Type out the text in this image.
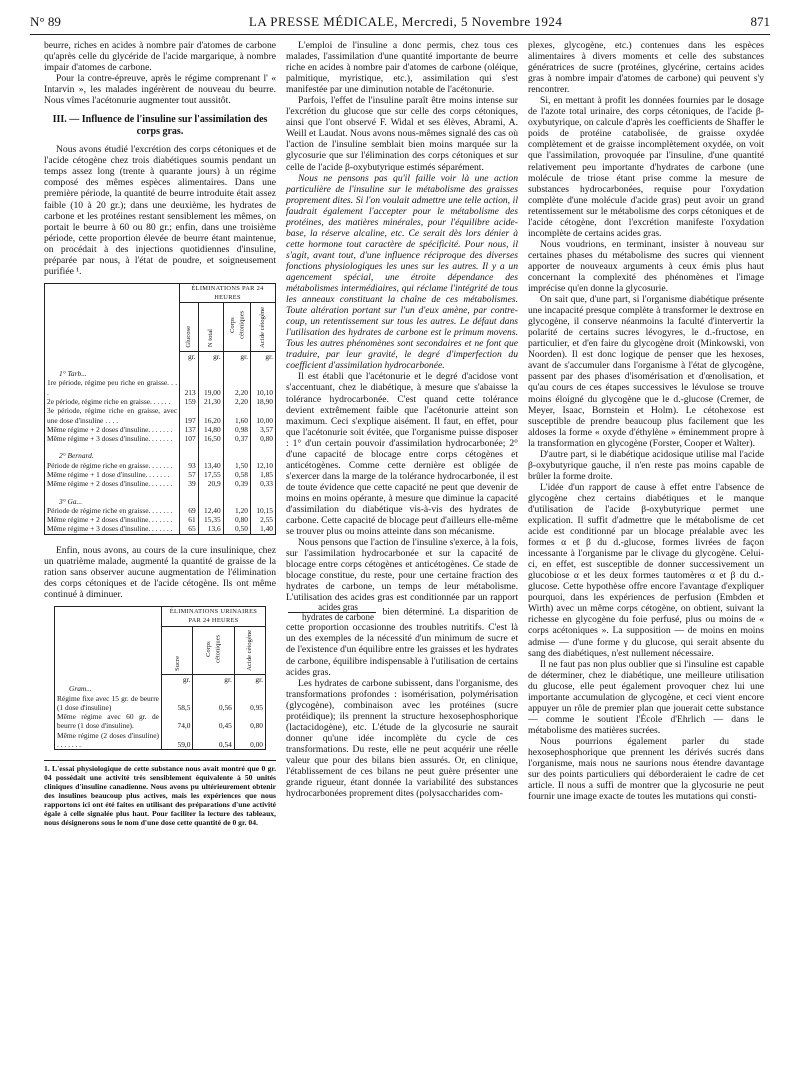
N° 89	LA PRESSE MÉDICALE, Mercredi, 5 Novembre 1924	871

beurre, riches en acides à nombre pair d'atomes de carbone qu'après celle du glycéride de l'acide margarique, à nombre impair d'atomes de carbone.

Pour la contre-épreuve, après le régime comprenant l' « Intarvin », les malades ingérèrent de nouveau du beurre. Nous vîmes l'acétonurie augmenter tout aussitôt.

III. — Influence de l'insuline sur l'assimilation des corps gras.

Nous avons étudié l'excrétion des corps cétoniques et de l'acide cétogène chez trois diabétiques soumis pendant un temps assez long (trente à quarante jours) à un régime composé des mêmes espèces alimentaires. Dans une première période, la quantité de beurre introduite était assez faible (10 à 20 gr.); dans une deuxième, les hydrates de carbone et les protéines restant sensiblement les mêmes, on portait le beurre à 60 ou 80 gr.; enfin, dans une troisième période, cette proportion élevée de beurre étant maintenue, on procédait à des injections quotidiennes d'insuline, préparée par nous, à l'état de poudre, et soigneusement purifiée ¹.

	ÉLIMINATIONS PAR 24 HEURES			
	Glucose	N total	Corps cétoniques	Acide cétogène
	gr.	gr.	gr.	gr.

1° Tarb...				
1re période, régime peu riche en graisse. . . .	213	19,00	2,20	10,10
2e période, régime riche en graisse. . . . . .	159	21,30	2,20	18,90
3e période, régime riche en graisse, avec une dose d'insuline . . . .	197	16,20	1,60	10,00
Même régime + 2 doses d'insuline. . . . . . .	137	14,80	0,98	3,57
Même régime + 3 doses d'insuline. . . . . . .	107	16,50	0,37	0,80

2° Bernard.				
Période de régime riche en graisse. . . . . . .	93	13,40	1,50	12,10
Même régime + 1 dose d'insuline. . . . . . .	57	17,55	0,58	1,85
Même régime + 2 doses d'insuline. . . . . . .	39	20,9	0,39	0,33

3° Ga...				
Période de régime riche en graisse. . . . . . .	69	12,40	1,20	10,15
Même régime + 2 doses d'insuline. . . . . . .	61	15,35	0,80	2,55
Même régime + 3 doses d'insuline. . . . . . .	65	13,6	0,50	1,40

Enfin, nous avons, au cours de la cure insulinique, chez un quatrième malade, augmenté la quantité de graisse de la ration sans observer aucune augmentation de l'élimination des corps cétoniques et de l'acide cétogène. Ils ont même continué à diminuer.

	ÉLIMINATIONS URINAIRES PAR 24 HEURES		
	Sucre	Corps cétoniques	Acide cétogène
	gr.	gr.	gr.
Gram...			
Régime fixe avec 15 gr. de beurre (1 dose d'insuline)	58,5	0,56	0,95
Même régime avec 60 gr. de beurre (1 dose d'insuline).	74,0	0,45	0,80
Même régime (2 doses d'insuline) . . . . . . .	59,0	0,54	0,00
1. L'essai physiologique de cette substance nous avait montré que 0 gr. 04 possédait une activité très sensiblement équivalente à 50 unités cliniques d'insuline canadienne. Nous avons pu ultérieurement obtenir des insulines beaucoup plus actives, mais les expériences que nous rapportons ici ont été faites en utilisant des préparations d'une activité égale à celle signalée plus haut. Pour faciliter la lecture des tableaux, nous désignerons sous le nom d'une dose cette quantité de 0 gr. 04.

L'emploi de l'insuline a donc permis, chez tous ces malades, l'assimilation d'une quantité importante de beurre riche en acides à nombre pair d'atomes de carbone (oléique, palmitique, myristique, etc.), assimilation qui s'est manifestée par une diminution notable de l'acétonurie.

Parfois, l'effet de l'insuline paraît être moins intense sur l'excrétion du glucose que sur celle des corps cétoniques, ainsi que l'ont observé F. Widal et ses élèves, Abrami, A. Weill et Laudat. Nous avons nous-mêmes signalé des cas où l'action de l'insuline semblait bien moins marquée sur la glycosurie que sur l'élimination des corps cétoniques et sur celle de l'acide β-oxybutyrique estimés séparément.

Nous ne pensons pas qu'il faille voir là une action particulière de l'insuline sur le métabolisme des graisses proprement dites. Si l'on voulait admettre une telle action, il faudrait également l'accepter pour le métabolisme des protéines, des matières minérales, pour l'équilibre acide-base, la réserve alcaline, etc. Ce serait dès lors dénier à cette hormone tout caractère de spécificité. Pour nous, il s'agit, avant tout, d'une influence réciproque des diverses fonctions physiologiques les unes sur les autres. Il y a un agencement spécial, une étroite dépendance des métabolismes intermédiaires, qui réclame l'intégrité de tous les anneaux constituant la chaîne de ces métabolismes. Toute altération portant sur l'un d'eux amène, par contre-coup, un retentissement sur tous les autres. Le défaut dans l'utilisation des hydrates de carbone est le primum movens. Tous les autres phénomènes sont secondaires et ne font que traduire, par leur gravité, le degré d'imperfection du coefficient d'assimilation hydrocarbonée.

Il est établi que l'acétonurie et le degré d'acidose vont s'accentuant, chez le diabétique, à mesure que s'abaisse la tolérance hydrocarbonée. C'est quand cette tolérance devient extrêmement faible que l'acétonurie atteint son maximum. Ceci s'explique aisément. Il faut, en effet, pour que l'acétonurie soit évitée, que l'organisme puisse disposer : 1° d'un certain pouvoir d'assimilation hydrocarbonée; 2° d'une capacité de blocage entre corps cétogènes et anticétogènes. Comme cette dernière est obligée de s'exercer dans la marge de la tolérance hydrocarbonée, il est de toute évidence que cette capacité ne peut que devenir de moins en moins opérante, à mesure que diminue la capacité d'assimilation du diabétique vis-à-vis des hydrates de carbone. Cette capacité de blocage peut d'ailleurs elle-même se trouver plus ou moins atteinte dans son mécanisme.

Nous pensons que l'action de l'insuline s'exerce, à la fois, sur l'assimilation hydrocarbonée et sur la capacité de blocage entre corps cétogènes et anticétogènes. Ce stade de blocage constitue, du reste, pour une certaine fraction des hydrates de carbone, un temps de leur métabolisme. L'utilisation des acides gras est conditionnée par un rapport
$\frac{\text{acides gras}}{\text{hydrates de carbone}}$ bien déterminé. La disparition de cette proportion occasionne des troubles nutritifs. C'est là un des exemples de la nécessité d'un minimum de sucre et de l'existence d'un équilibre entre les graisses et les hydrates de carbone, équilibre indispensable à l'utilisation de certains acides gras.

Les hydrates de carbone subissent, dans l'organisme, des transformations profondes : isomérisation, polymérisation (glycogène), combinaison avec les protéines (sucre protéidique); ils prennent la structure hexosephosphorique (lactacidogène), etc. L'étude de la glycosurie ne saurait donner qu'une idée incomplète du cycle de ces transformations. Du reste, elle ne peut acquérir une réelle valeur que pour des bilans bien assurés. Or, en clinique, l'établissement de ces bilans ne peut guère présenter une grande rigueur, étant donnée la variabilité des substances hydrocarbonées proprement dites (polysaccharides com-

plexes, glycogène, etc.) contenues dans les espèces alimentaires à divers moments et celle des substances génératrices de sucre (protéines, glycérine, certains acides gras à nombre impair d'atomes de carbone) qui peuvent s'y rencontrer.

Si, en mettant à profit les données fournies par le dosage de l'azote total urinaire, des corps cétoniques, de l'acide β-oxybutyrique, on calcule d'après les coefficients de Shaffer le poids de protéine catabolisée, de graisse oxydée complètement et de graisse incomplètement oxydée, on voit que l'assimilation, provoquée par l'insuline, d'une quantité relativement peu importante d'hydrates de carbone (une molécule de triose étant prise comme la mesure de substances hydrocarbonées, requise pour l'oxydation complète d'une molécule d'acide gras) peut avoir un grand retentissement sur le métabolisme des corps cétoniques et de l'acide cétogène, dont l'excrétion manifeste l'oxydation incomplète de certains acides gras.

Nous voudrions, en terminant, insister à nouveau sur certaines phases du métabolisme des sucres qui viennent apporter de nouveaux arguments à ceux émis plus haut concernant la complexité des phénomènes et l'image imprécise qu'en donne la glycosurie.

On sait que, d'une part, si l'organisme diabétique présente une incapacité presque complète à transformer le dextrose en glycogène, il conserve néanmoins la faculté d'intervertir la polarité de certains sucres lévogyres, le d.-fructose, en particulier, et d'en faire du glycogène droit (Minkowski, von Noorden). Il est donc logique de penser que les hexoses, avant de s'accumuler dans l'organisme à l'état de glycogène, passent par des phases d'isomérisation et d'œnolisation, et qu'au cours de ces étapes successives le lévulose se trouve moins éloigné du glycogène que le d.-glucose (Cremer, de Meyer, Isaac, Bornstein et Holm). Le cétohexose est susceptible de prendre beaucoup plus facilement que les aldoses la forme « oxyde d'éthylène » éminemment propre à la transformation en glycogène (Forster, Cooper et Walter).

D'autre part, si le diabétique acidosique utilise mal l'acide β-oxybutyrique gauche, il n'en reste pas moins capable de brûler la forme droite.

L'idée d'un rapport de cause à effet entre l'absence de glycogène chez certains diabétiques et le manque d'utilisation de l'acide β-oxybutyrique permet une explication. Il suffit d'admettre que le métabolisme de cet acide est conditionné par un blocage préalable avec les formes α et β du d.-glucose, formes livrées de façon incessante à l'organisme par le clivage du glycogène. Celui-ci, en effet, est susceptible de donner successivement un glucobiose α et les deux formes tautomères α et β du d.-glucose. Cette hypothèse offre encore l'avantage d'expliquer pourquoi, dans les expériences de perfusion (Embden et Wirth) avec un même corps cétogène, on obtient, suivant la richesse en glycogène du foie perfusé, plus ou moins de « corps acétoniques ». La supposition — de moins en moins admise — d'une forme γ du glucose, qui serait absente du sang des diabétiques, n'est nullement nécessaire.

Il ne faut pas non plus oublier que si l'insuline est capable de déterminer, chez le diabétique, une meilleure utilisation du glucose, elle peut également provoquer chez lui une importante accumulation de glycogène, et ceci vient encore appuyer un rôle de premier plan que jouerait cette substance — comme le soutient l'École d'Ehrlich — dans le métabolisme des matières sucrées.

Nous pourrions également parler du stade hexosephosphorique que prennent les dérivés sucrés dans l'organisme, mais nous ne saurions nous étendre davantage sur des points particuliers qui déborderaient le cadre de cet article. Il nous a suffi de montrer que la glycosurie ne peut fournir une image exacte de toutes les mutations qui consti-
